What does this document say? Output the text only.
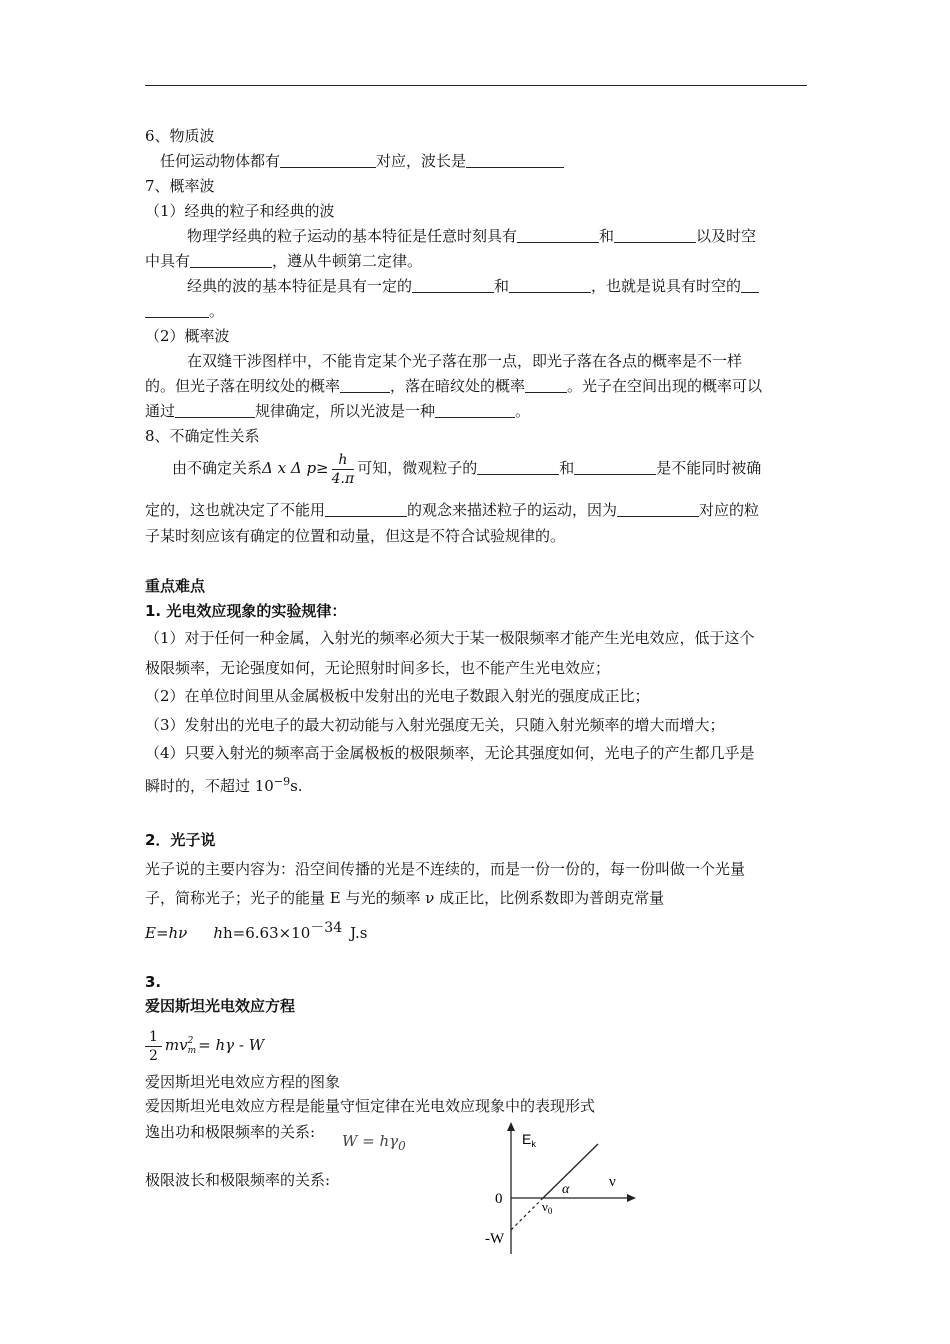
6、物质波
任何运动物体都有	对应，波长是
7、概率波
（1）经典的粒子和经典的波
物理学经典的粒子运动的基本特征是任意时刻具有	和	以及时空
中具有	，遵从牛顿第二定律。
经典的波的基本特征是具有一定的	和	，也就是说具有时空的
。
（2）概率波
在双缝干涉图样中，不能肯定某个光子落在那一点，即光子落在各点的概率是不一样
的。但光子落在明纹处的概率	，落在暗纹处的概率	。光子在空间出现的概率可以
通过	规律确定，所以光波是一种	。
8、不确定性关系
由不确定关系Δ x Δ $p\ge \frac{h}{4.\pi}$ 可知，微观粒子的	和	是不能同时被确
定的，这也就决定了不能用	的观念来描述粒子的运动，因为	对应的粒
子某时刻应该有确定的位置和动量，但这是不符合试验规律的。
重点难点
1. 光电效应现象的实验规律：
（1）对于任何一种金属，入射光的频率必须大于某一极限频率才能产生光电效应，低于这个
极限频率，无论强度如何，无论照射时间多长，也不能产生光电效应；
（2）在单位时间里从金属极板中发射出的光电子数跟入射光的强度成正比；
（3）发射出的光电子的最大初动能与入射光强度无关，只随入射光频率的增大而增大；
（4）只要入射光的频率高于金属极板的极限频率，无论其强度如何，光电子的产生都几乎是
瞬时的，不超过 $10^{-9}s$.
2．光子说
光子说的主要内容为：沿空间传播的光是不连续的，而是一份一份的，每一份叫做一个光量
子，简称光子；光子的能量 E 与光的频率 ν 成正比，比例系数即为普朗克常量
E=hν $hh=6.63\times 10^{-34}$ J.s
3.
爱因斯坦光电效应方程
$\frac{1}{2}$ mv 2
m = hγ - W
爱因斯坦光电效应方程的图象
爱因斯坦光电效应方程是能量守恒定律在光电效应现象中的表现形式
逸出功和极限频率的关系: $W = h\gamma_0$
极限波长和极限频率的关系:
$E_k$
ν
0
α
$\nu_0$
-W
